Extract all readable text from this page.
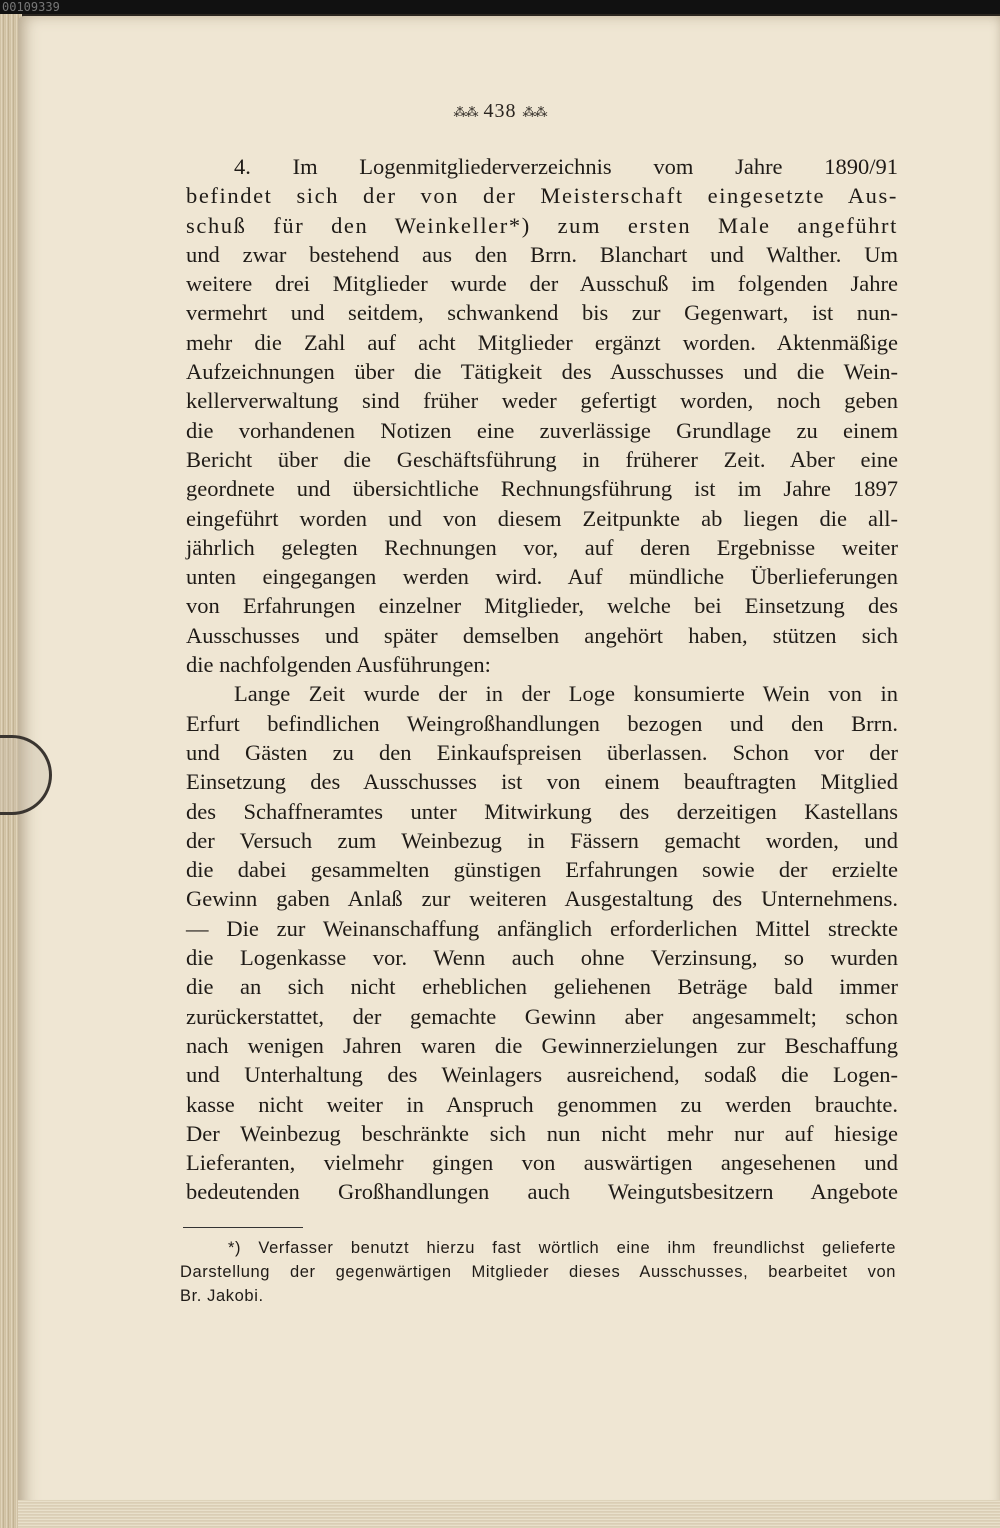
00109339
⁂⁂ 438 ⁂⁂
4. Im Logenmitgliederverzeichnis vom Jahre 1890/91
befindet sich der von der Meisterschaft eingesetzte Aus-
schuß für den Weinkeller*) zum ersten Male angeführt
und zwar bestehend aus den Brrn. Blanchart und Walther. Um
weitere drei Mitglieder wurde der Ausschuß im folgenden Jahre
vermehrt und seitdem, schwankend bis zur Gegenwart, ist nun-
mehr die Zahl auf acht Mitglieder ergänzt worden. Aktenmäßige
Aufzeichnungen über die Tätigkeit des Ausschusses und die Wein-
kellerverwaltung sind früher weder gefertigt worden, noch geben
die vorhandenen Notizen eine zuverlässige Grundlage zu einem
Bericht über die Geschäftsführung in früherer Zeit. Aber eine
geordnete und übersichtliche Rechnungsführung ist im Jahre 1897
eingeführt worden und von diesem Zeitpunkte ab liegen die all-
jährlich gelegten Rechnungen vor, auf deren Ergebnisse weiter
unten eingegangen werden wird. Auf mündliche Überlieferungen
von Erfahrungen einzelner Mitglieder, welche bei Einsetzung des
Ausschusses und später demselben angehört haben, stützen sich
die nachfolgenden Ausführungen:
Lange Zeit wurde der in der Loge konsumierte Wein von in
Erfurt befindlichen Weingroßhandlungen bezogen und den Brrn.
und Gästen zu den Einkaufspreisen überlassen. Schon vor der
Einsetzung des Ausschusses ist von einem beauftragten Mitglied
des Schaffneramtes unter Mitwirkung des derzeitigen Kastellans
der Versuch zum Weinbezug in Fässern gemacht worden, und
die dabei gesammelten günstigen Erfahrungen sowie der erzielte
Gewinn gaben Anlaß zur weiteren Ausgestaltung des Unternehmens.
— Die zur Weinanschaffung anfänglich erforderlichen Mittel streckte
die Logenkasse vor. Wenn auch ohne Verzinsung, so wurden
die an sich nicht erheblichen geliehenen Beträge bald immer
zurückerstattet, der gemachte Gewinn aber angesammelt; schon
nach wenigen Jahren waren die Gewinnerzielungen zur Beschaffung
und Unterhaltung des Weinlagers ausreichend, sodaß die Logen-
kasse nicht weiter in Anspruch genommen zu werden brauchte.
Der Weinbezug beschränkte sich nun nicht mehr nur auf hiesige
Lieferanten, vielmehr gingen von auswärtigen angesehenen und
bedeutenden Großhandlungen auch Weingutsbesitzern Angebote
*) Verfasser benutzt hierzu fast wörtlich eine ihm freundlichst gelieferte
Darstellung der gegenwärtigen Mitglieder dieses Ausschusses, bearbeitet von
Br. Jakobi.
